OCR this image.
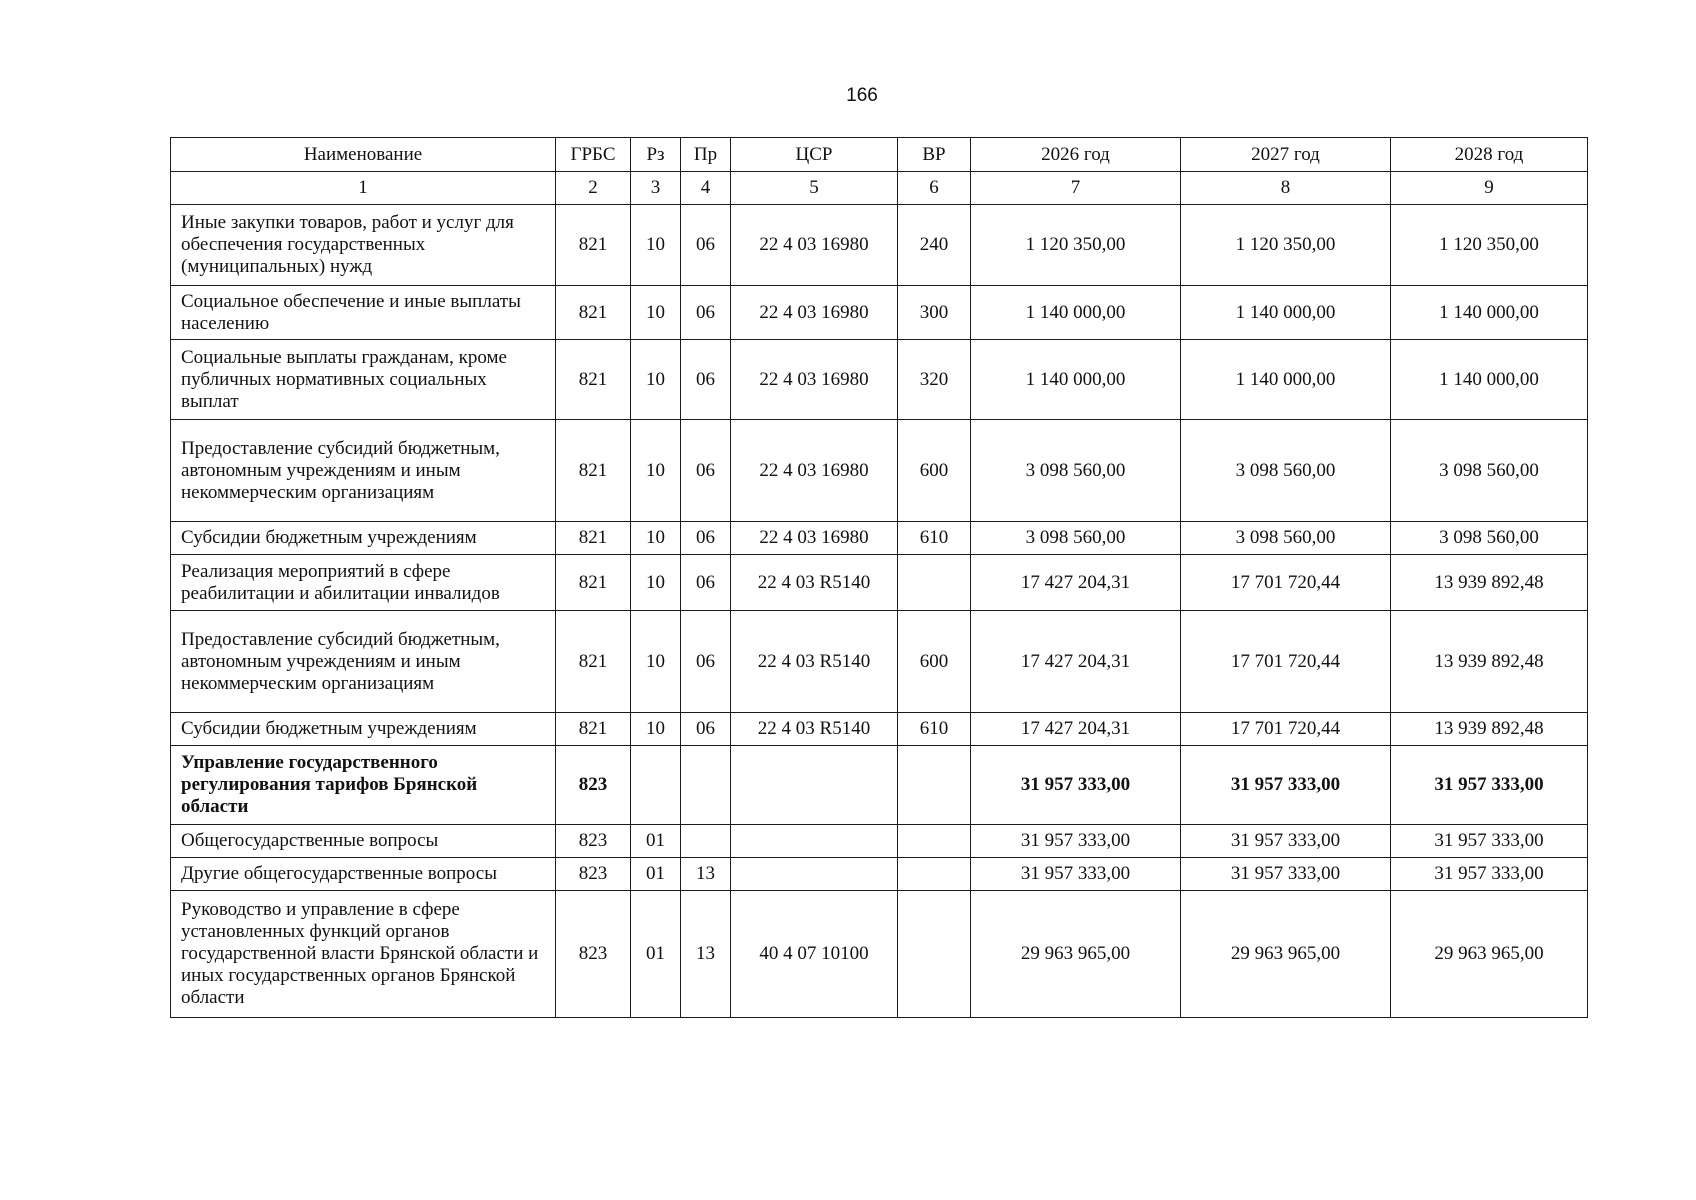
166
Наименование	ГРБС	Рз	Пр	ЦСР	ВР	2026 год	2027 год	2028 год
1	2	3	4	5	6	7	8	9
Иные закупки товаров, работ и услуг для обеспечения государственных (муниципальных) нужд	821	10	06	22 4 03 16980	240	1 120 350,00	1 120 350,00	1 120 350,00
Социальное обеспечение и иные выплаты населению	821	10	06	22 4 03 16980	300	1 140 000,00	1 140 000,00	1 140 000,00
Социальные выплаты гражданам, кроме публичных нормативных социальных выплат	821	10	06	22 4 03 16980	320	1 140 000,00	1 140 000,00	1 140 000,00
Предоставление субсидий бюджетным, автономным учреждениям и иным некоммерческим организациям	821	10	06	22 4 03 16980	600	3 098 560,00	3 098 560,00	3 098 560,00
Субсидии бюджетным учреждениям	821	10	06	22 4 03 16980	610	3 098 560,00	3 098 560,00	3 098 560,00
Реализация мероприятий в сфере реабилитации и абилитации инвалидов	821	10	06	22 4 03 R5140		17 427 204,31	17 701 720,44	13 939 892,48
Предоставление субсидий бюджетным, автономным учреждениям и иным некоммерческим организациям	821	10	06	22 4 03 R5140	600	17 427 204,31	17 701 720,44	13 939 892,48
Субсидии бюджетным учреждениям	821	10	06	22 4 03 R5140	610	17 427 204,31	17 701 720,44	13 939 892,48
Управление государственного регулирования тарифов Брянской области	823					31 957 333,00	31 957 333,00	31 957 333,00
Общегосударственные вопросы	823	01				31 957 333,00	31 957 333,00	31 957 333,00
Другие общегосударственные вопросы	823	01	13			31 957 333,00	31 957 333,00	31 957 333,00
Руководство и управление в сфере установленных функций органов государственной власти Брянской области и иных государственных органов Брянской области	823	01	13	40 4 07 10100		29 963 965,00	29 963 965,00	29 963 965,00
